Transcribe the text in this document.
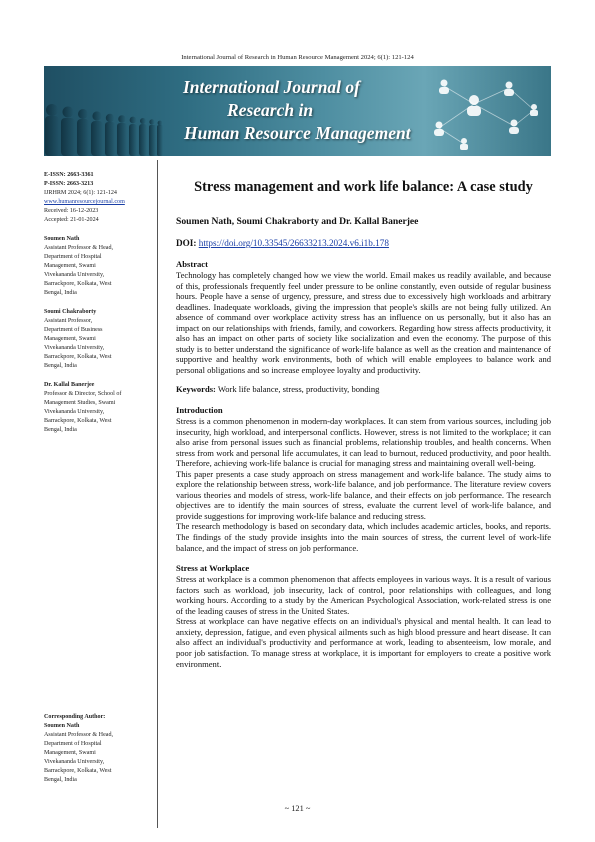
International Journal of Research in Human Resource Management 2024; 6(1): 121-124
International Journal of
Research in
Human Resource Management
E-ISSN: 2663-3361
P-ISSN: 2663-3213
IJRHRM 2024; 6(1): 121-124
www.humanresourcejournal.com
Received: 16-12-2023
Accepted: 21-01-2024
Soumen Nath
Assistant Professor & Head,
Department of Hospital
Management, Swami
Vivekananda University,
Barrackpore, Kolkata, West
Bengal, India
Soumi Chakraborty
Assistant Professor,
Department of Business
Management, Swami
Vivekananda University,
Barrackpore, Kolkata, West
Bengal, India
Dr. Kallal Banerjee
Professor & Director, School of
Management Studies, Swami
Vivekananda University,
Barrackpore, Kolkata, West
Bengal, India
Corresponding Author:
Soumen Nath
Assistant Professor & Head,
Department of Hospital
Management, Swami
Vivekananda University,
Barrackpore, Kolkata, West
Bengal, India
Stress management and work life balance: A case study
Soumen Nath, Soumi Chakraborty and Dr. Kallal Banerjee
DOI: https://doi.org/10.33545/26633213.2024.v6.i1b.178
Abstract

Technology has completely changed how we view the world. Email makes us readily available, and because of this, professionals frequently feel under pressure to be online constantly, even outside of regular business hours. People have a sense of urgency, pressure, and stress due to excessively high workloads and arbitrary deadlines. Inadequate workloads, giving the impression that people's skills are not being fully utilized. An absence of command over workplace activity stress has an influence on us personally, but it also has an impact on our relationships with friends, family, and coworkers. Regarding how stress affects productivity, it also has an impact on other parts of society like socialization and even the economy. The purpose of this study is to better understand the significance of work-life balance as well as the creation and maintenance of supportive and healthy work environments, both of which will enable employees to balance work and personal obligations and so increase employee loyalty and productivity.

Keywords: Work life balance, stress, productivity, bonding
Introduction

Stress is a common phenomenon in modern-day workplaces. It can stem from various sources, including job insecurity, high workload, and interpersonal conflicts. However, stress is not limited to the workplace; it can also arise from personal issues such as financial problems, relationship troubles, and health concerns. When stress from work and personal life accumulates, it can lead to burnout, reduced productivity, and poor health. Therefore, achieving work-life balance is crucial for managing stress and maintaining overall well-being.

This paper presents a case study approach on stress management and work-life balance. The study aims to explore the relationship between stress, work-life balance, and job performance. The literature review covers various theories and models of stress, work-life balance, and their effects on job performance. The research objectives are to identify the main sources of stress, evaluate the current level of work-life balance, and provide suggestions for improving work-life balance and reducing stress.

The research methodology is based on secondary data, which includes academic articles, books, and reports. The findings of the study provide insights into the main sources of stress, the current level of work-life balance, and the impact of stress on job performance.

Stress at Workplace

Stress at workplace is a common phenomenon that affects employees in various ways. It is a result of various factors such as workload, job insecurity, lack of control, poor relationships with colleagues, and long working hours. According to a study by the American Psychological Association, work-related stress is one of the leading causes of stress in the United States.

Stress at workplace can have negative effects on an individual's physical and mental health. It can lead to anxiety, depression, fatigue, and even physical ailments such as high blood pressure and heart disease. It can also affect an individual's productivity and performance at work, leading to absenteeism, low morale, and poor job satisfaction. To manage stress at workplace, it is important for employers to create a positive work environment.

~ 121 ~
